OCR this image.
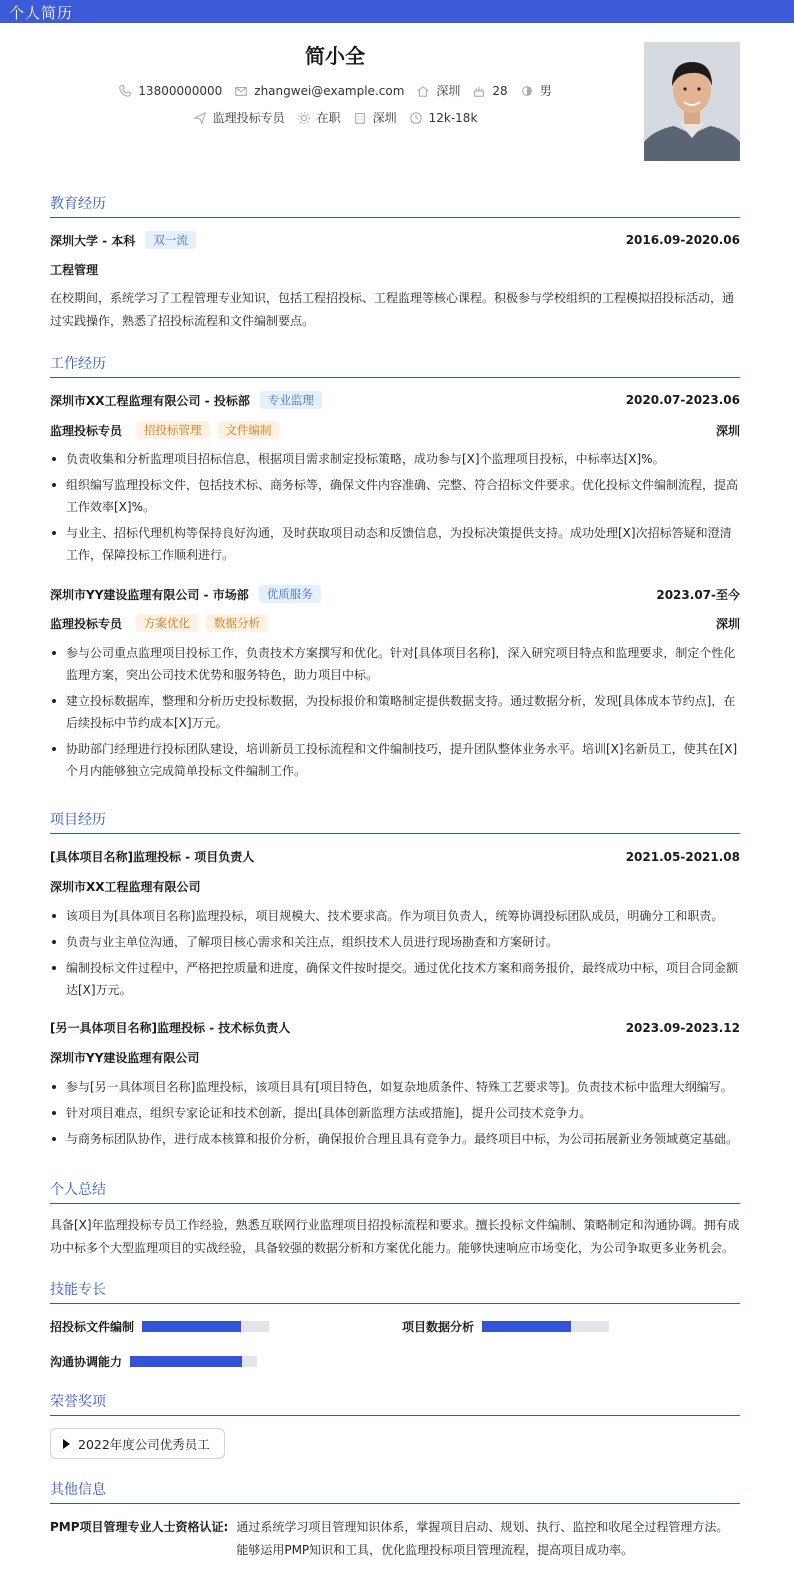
个人简历
简小全
13800000000	zhangwei@example.com	深圳	28	男
监理投标专员	在职	深圳	12k-18k
教育经历
深圳大学 - 本科	双一流	2016.09-2020.06
工程管理
在校期间，系统学习了工程管理专业知识，包括工程招投标、工程监理等核心课程。积极参与学校组织的工程模拟招投标活动，通过实践操作，熟悉了招投标流程和文件编制要点。
工作经历
深圳市XX工程监理有限公司 - 投标部	专业监理	2020.07-2023.06
监理投标专员	招投标管理	文件编制	深圳
负责收集和分析监理项目招标信息，根据项目需求制定投标策略，成功参与[X]个监理项目投标，中标率达[X]%。
组织编写监理投标文件，包括技术标、商务标等，确保文件内容准确、完整、符合招标文件要求。优化投标文件编制流程，提高工作效率[X]%。
与业主、招标代理机构等保持良好沟通，及时获取项目动态和反馈信息，为投标决策提供支持。成功处理[X]次招标答疑和澄清工作，保障投标工作顺利进行。
深圳市YY建设监理有限公司 - 市场部	优质服务	2023.07-至今
监理投标专员	方案优化	数据分析	深圳
参与公司重点监理项目投标工作，负责技术方案撰写和优化。针对[具体项目名称]，深入研究项目特点和监理要求，制定个性化监理方案，突出公司技术优势和服务特色，助力项目中标。
建立投标数据库，整理和分析历史投标数据，为投标报价和策略制定提供数据支持。通过数据分析，发现[具体成本节约点]，在后续投标中节约成本[X]万元。
协助部门经理进行投标团队建设，培训新员工投标流程和文件编制技巧，提升团队整体业务水平。培训[X]名新员工，使其在[X]个月内能够独立完成简单投标文件编制工作。
项目经历
[具体项目名称]监理投标 - 项目负责人	2021.05-2021.08
深圳市XX工程监理有限公司
该项目为[具体项目名称]监理投标，项目规模大、技术要求高。作为项目负责人，统筹协调投标团队成员，明确分工和职责。
负责与业主单位沟通，了解项目核心需求和关注点，组织技术人员进行现场勘查和方案研讨。
编制投标文件过程中，严格把控质量和进度，确保文件按时提交。通过优化技术方案和商务报价，最终成功中标，项目合同金额达[X]万元。
[另一具体项目名称]监理投标 - 技术标负责人	2023.09-2023.12
深圳市YY建设监理有限公司
参与[另一具体项目名称]监理投标，该项目具有[项目特色，如复杂地质条件、特殊工艺要求等]。负责技术标中监理大纲编写。
针对项目难点，组织专家论证和技术创新，提出[具体创新监理方法或措施]，提升公司技术竞争力。
与商务标团队协作，进行成本核算和报价分析，确保报价合理且具有竞争力。最终项目中标，为公司拓展新业务领域奠定基础。
个人总结
具备[X]年监理投标专员工作经验，熟悉互联网行业监理项目招投标流程和要求。擅长投标文件编制、策略制定和沟通协调。拥有成功中标多个大型监理项目的实战经验，具备较强的数据分析和方案优化能力。能够快速响应市场变化，为公司争取更多业务机会。
技能专长
招投标文件编制	项目数据分析
沟通协调能力
荣誉奖项
2022年度公司优秀员工
其他信息
PMP项目管理专业人士资格认证: 通过系统学习项目管理知识体系，掌握项目启动、规划、执行、监控和收尾全过程管理方法。能够运用PMP知识和工具，优化监理投标项目管理流程，提高项目成功率。
